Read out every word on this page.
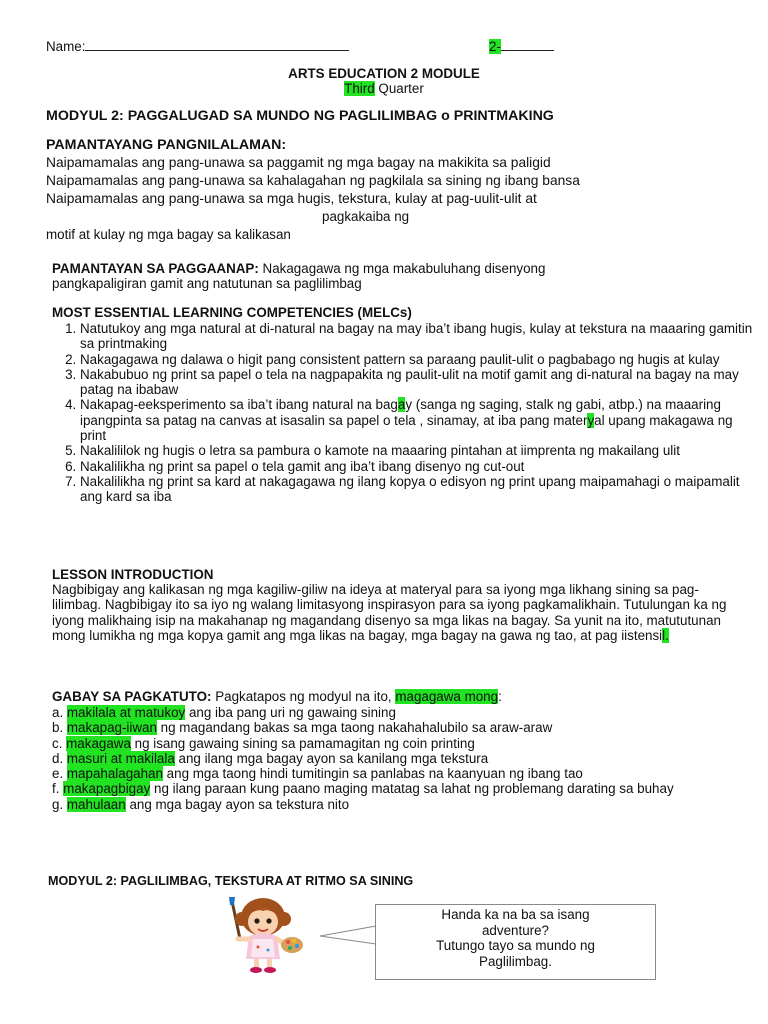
Name:	2-
ARTS EDUCATION 2 MODULE
Third Quarter
MODYUL 2: PAGGALUGAD SA MUNDO NG PAGLILIMBAG o PRINTMAKING
PAMANTAYANG PANGNILALAMAN:
Naipamamalas ang pang-unawa sa paggamit ng mga bagay na makikita sa paligid
Naipamamalas ang pang-unawa sa kahalagahan ng pagkilala sa sining ng ibang bansa
Naipamamalas ang pang-unawa sa mga hugis, tekstura, kulay at pag-uulit-ulit at
pagkakaiba ng
motif at kulay ng mga bagay sa kalikasan
PAMANTAYAN SA PAGGAANAP: Nakagagawa ng mga makabuluhang disenyong
pangkapaligiran gamit ang natutunan sa paglilimbag
MOST ESSENTIAL LEARNING COMPETENCIES (MELCs)
1. Natutukoy ang mga natural at di-natural na bagay na may iba’t ibang hugis, kulay at tekstura na maaaring gamitin sa printmaking
2. Nakagagawa ng dalawa o higit pang consistent pattern sa paraang paulit-ulit o pagbabago ng hugis at kulay
3. Nakabubuo ng print sa papel o tela na nagpapakita ng paulit-ulit na motif gamit ang di-natural na bagay na may patag na ibabaw
4. Nakapag-eeksperimento sa iba’t ibang natural na bagay (sanga ng saging, stalk ng gabi, atbp.) na maaaring ipangpinta sa patag na canvas at isasalin sa papel o tela , sinamay, at iba pang materyal upang makagawa ng print
5. Nakalililok ng hugis o letra sa pambura o kamote na maaaring pintahan at iimprenta ng makailang ulit
6. Nakalilikha ng print sa papel o tela gamit ang iba’t ibang disenyo ng cut-out
7. Nakalilikha ng print sa kard at nakagagawa ng ilang kopya o edisyon ng print upang maipamahagi o maipamalit ang kard sa iba
LESSON INTRODUCTION
Nagbibigay ang kalikasan ng mga kagiliw-giliw na ideya at materyal para sa iyong mga likhang sining sa pag-lilimbag. Nagbibigay ito sa iyo ng walang limitasyong inspirasyon para sa iyong pagkamalikhain. Tutulungan ka ng iyong malikhaing isip na makahanap ng magandang disenyo sa mga likas na bagay. Sa yunit na ito, matututunan mong lumikha ng mga kopya gamit ang mga likas na bagay, mga bagay na gawa ng tao, at pag iistensil.
GABAY SA PAGKATUTO: Pagkatapos ng modyul na ito, magagawa mong:
a. makilala at matukoy ang iba pang uri ng gawaing sining
b. makapag-iiwan ng magandang bakas sa mga taong nakahahalubilo sa araw-araw
c. makagawa ng isang gawaing sining sa pamamagitan ng coin printing
d. masuri at makilala ang ilang mga bagay ayon sa kanilang mga tekstura
e. mapahalagahan ang mga taong hindi tumitingin sa panlabas na kaanyuan ng ibang tao
f. makapagbigay ng ilang paraan kung paano maging matatag sa lahat ng problemang darating sa buhay
g. mahulaan ang mga bagay ayon sa tekstura nito
MODYUL 2: PAGLILIMBAG, TEKSTURA AT RITMO SA SINING
Handa ka na ba sa isang
adventure?
Tutungo tayo sa mundo ng
Paglilimbag.
